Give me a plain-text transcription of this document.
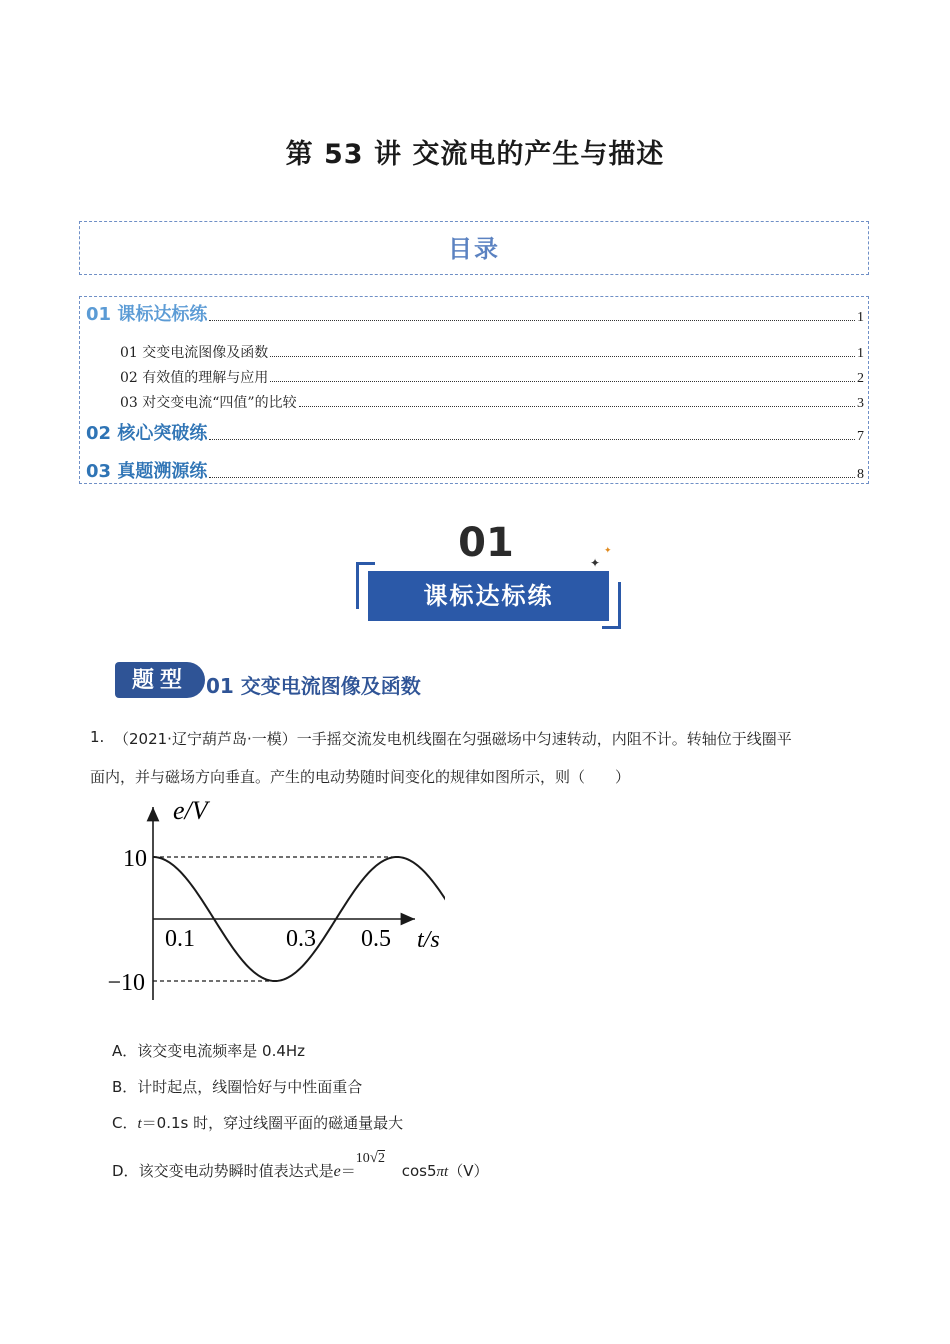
第 53 讲 交流电的产生与描述
目录
01 课标达标练	1
01 交变电流图像及函数	1
02 有效值的理解与应用	2
03 对交变电流“四值”的比较	3
02 核心突破练	7
03 真题溯源练	8
01
课标达标练
✦
✦
题型 01 交变电流图像及函数
1. （2021·辽宁葫芦岛·一模）一手摇交流发电机线圈在匀强磁场中匀速转动，内阻不计。转轴位于线圈平
面内，并与磁场方向垂直。产生的电动势随时间变化的规律如图所示，则（　　）
e/V
t/s
10
−10
0.1	0.3 0.5
A．该交变电流频率是 0.4Hz
B．计时起点，线圈恰好与中性面重合
C．t＝0.1s 时，穿过线圈平面的磁通量最大
D．该交变电动势瞬时值表达式是e＝10√2cos5πt（V）
